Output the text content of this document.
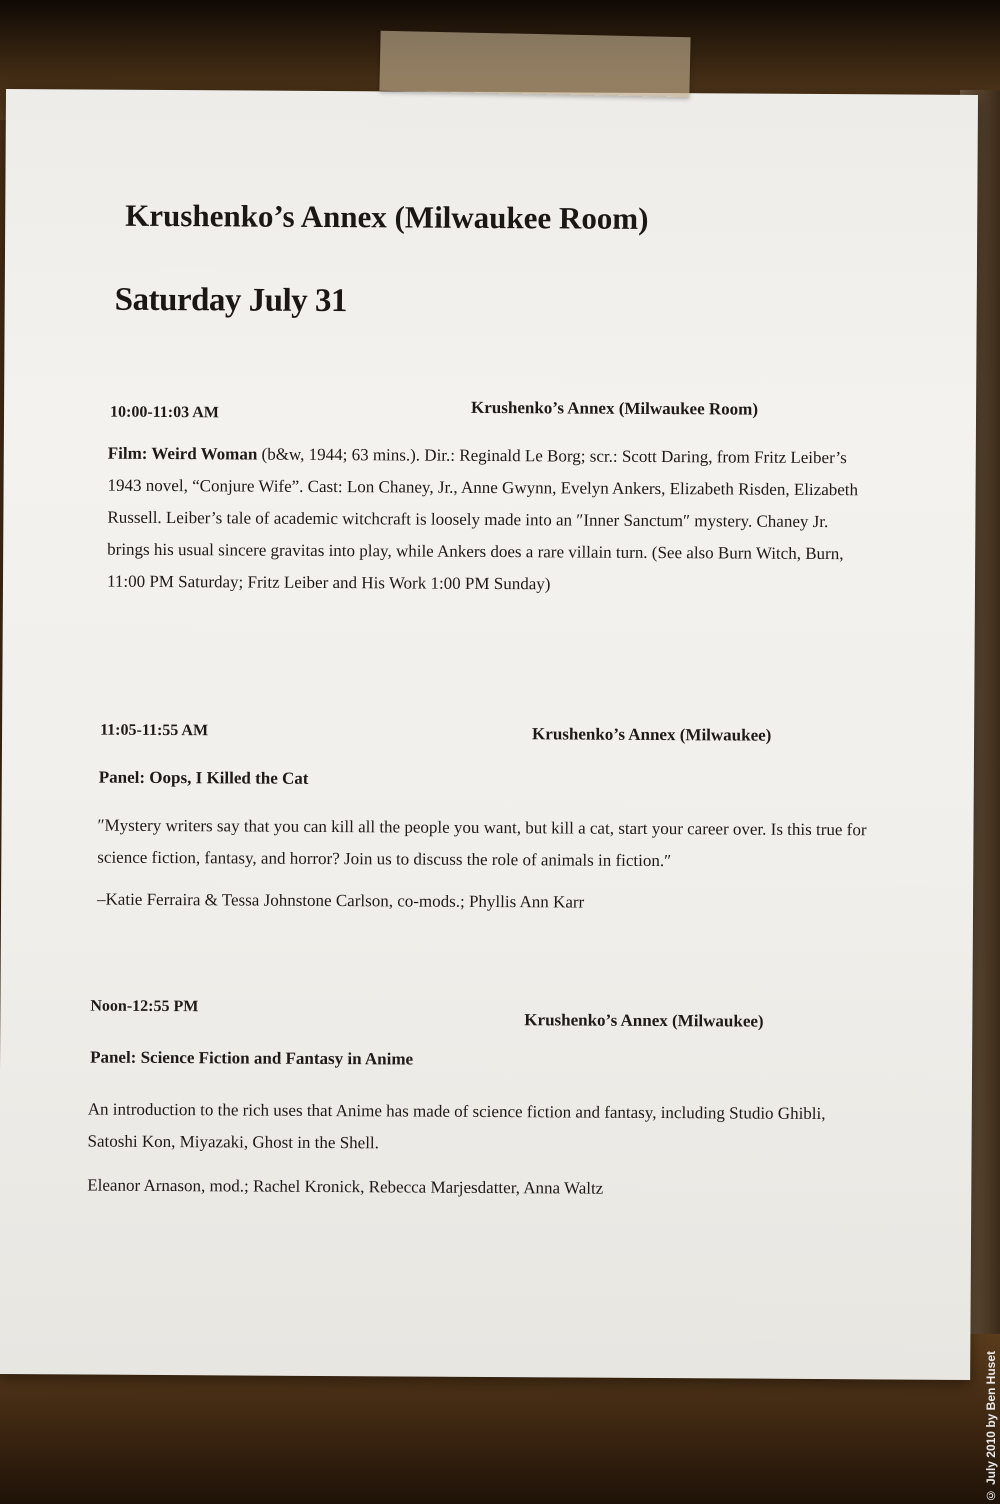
Krushenko’s Annex (Milwaukee Room)
Saturday July 31
10:00-11:03 AM	Krushenko’s Annex (Milwaukee Room)
Film: Weird Woman (b&w, 1944; 63 mins.). Dir.: Reginald Le Borg; scr.: Scott Daring, from Fritz Leiber’s 1943 novel, “Conjure Wife”. Cast: Lon Chaney, Jr., Anne Gwynn, Evelyn Ankers, Elizabeth Risden, Elizabeth Russell. Leiber’s tale of academic witchcraft is loosely made into an ″Inner Sanctum″ mystery. Chaney Jr. brings his usual sincere gravitas into play, while Ankers does a rare villain turn. (See also Burn Witch, Burn, 11:00 PM Saturday; Fritz Leiber and His Work 1:00 PM Sunday)
11:05-11:55 AM	Krushenko’s Annex (Milwaukee)
Panel: Oops, I Killed the Cat
″Mystery writers say that you can kill all the people you want, but kill a cat, start your career over. Is this true for science fiction, fantasy, and horror? Join us to discuss the role of animals in fiction.″
–Katie Ferraira & Tessa Johnstone Carlson, co-mods.; Phyllis Ann Karr
Noon-12:55 PM
Krushenko’s Annex (Milwaukee)
Panel: Science Fiction and Fantasy in Anime
An introduction to the rich uses that Anime has made of science fiction and fantasy, including Studio Ghibli, Satoshi Kon, Miyazaki, Ghost in the Shell.
Eleanor Arnason, mod.; Rachel Kronick, Rebecca Marjesdatter, Anna Waltz
© July 2010 by Ben Huset
